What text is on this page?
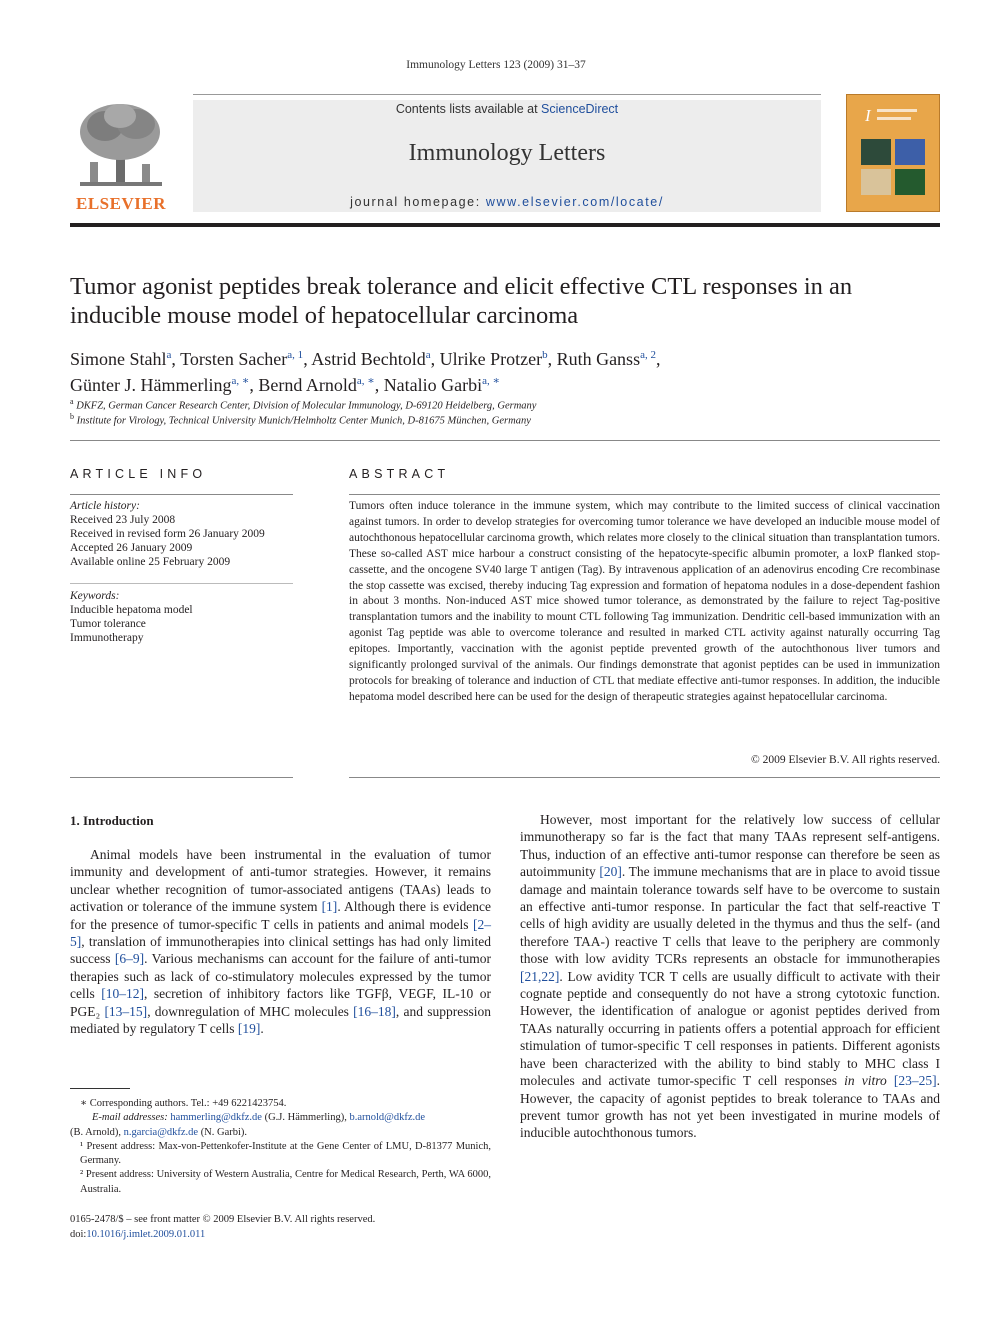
Immunology Letters 123 (2009) 31–37
ELSEVIER
Contents lists available at ScienceDirect
Immunology Letters
journal homepage: www.elsevier.com/locate/
I
Tumor agonist peptides break tolerance and elicit effective CTL responses in an inducible mouse model of hepatocellular carcinoma
Simone Stahl$^a$, Torsten Sacher$^{a, 1}$, Astrid Bechtold$^a$, Ulrike Protzer$^b$, Ruth Ganss$^{a, 2}$,
Günter J. Hämmerling$^{a, ∗}$, Bernd Arnold$^{a, ∗}$, Natalio Garbi$^{a, ∗}$
$^a$ DKFZ, German Cancer Research Center, Division of Molecular Immunology, D-69120 Heidelberg, Germany
$^b$ Institute for Virology, Technical University Munich/Helmholtz Center Munich, D-81675 München, Germany
ARTICLE INFO
Article history:
Received 23 July 2008
Received in revised form 26 January 2009
Accepted 26 January 2009
Available online 25 February 2009
Keywords:
Inducible hepatoma model
Tumor tolerance
Immunotherapy
ABSTRACT
Tumors often induce tolerance in the immune system, which may contribute to the limited success of clinical vaccination against tumors. In order to develop strategies for overcoming tumor tolerance we have developed an inducible mouse model of autochthonous hepatocellular carcinoma growth, which relates more closely to the clinical situation than transplantation tumors. These so-called AST mice harbour a construct consisting of the hepatocyte-specific albumin promoter, a loxP flanked stop-cassette, and the oncogene SV40 large T antigen (Tag). By intravenous application of an adenovirus encoding Cre recombinase the stop cassette was excised, thereby inducing Tag expression and formation of hepatoma nodules in a dose-dependent fashion in about 3 months. Non-induced AST mice showed tumor tolerance, as demonstrated by the failure to reject Tag-positive transplantation tumors and the inability to mount CTL following Tag immunization. Dendritic cell-based immunization with an agonist Tag peptide was able to overcome tolerance and resulted in marked CTL activity against naturally occurring Tag epitopes. Importantly, vaccination with the agonist peptide prevented growth of the autochthonous liver tumors and significantly prolonged survival of the animals. Our findings demonstrate that agonist peptides can be used in immunization protocols for breaking of tolerance and induction of CTL that mediate effective anti-tumor responses. In addition, the inducible hepatoma model described here can be used for the design of therapeutic strategies against hepatocellular carcinoma.
© 2009 Elsevier B.V. All rights reserved.
1. Introduction
Animal models have been instrumental in the evaluation of tumor immunity and development of anti-tumor strategies. However, it remains unclear whether recognition of tumor-associated antigens (TAAs) leads to activation or tolerance of the immune system [1]. Although there is evidence for the presence of tumor-specific T cells in patients and animal models [2–5], translation of immunotherapies into clinical settings has had only limited success [6–9]. Various mechanisms can account for the failure of anti-tumor therapies such as lack of co-stimulatory molecules expressed by the tumor cells [10–12], secretion of inhibitory factors like TGFβ, VEGF, IL-10 or PGE₂ [13–15], downregulation of MHC molecules [16–18], and suppression mediated by regulatory T cells [19].
However, most important for the relatively low success of cellular immunotherapy so far is the fact that many TAAs represent self-antigens. Thus, induction of an effective anti-tumor response can therefore be seen as autoimmunity [20]. The immune mechanisms that are in place to avoid tissue damage and maintain tolerance towards self have to be overcome to sustain an effective anti-tumor response. In particular the fact that self-reactive T cells of high avidity are usually deleted in the thymus and thus the self- (and therefore TAA-) reactive T cells that leave to the periphery are commonly those with low avidity TCRs represents an obstacle for immunotherapies [21,22]. Low avidity TCR T cells are usually difficult to activate with their cognate peptide and consequently do not have a strong cytotoxic function. However, the identification of analogue or agonist peptides derived from TAAs naturally occurring in patients offers a potential approach for efficient stimulation of tumor-specific T cell responses in patients. Different agonists have been characterized with the ability to bind stably to MHC class I molecules and activate tumor-specific T cell responses in vitro [23–25]. However, the capacity of agonist peptides to break tolerance to TAAs and prevent tumor growth has not yet been investigated in murine models of inducible autochthonous tumors.
∗ Corresponding authors. Tel.: +49 6221423754.
E-mail addresses: hammerling@dkfz.de (G.J. Hämmerling), b.arnold@dkfz.de
(B. Arnold), n.garcia@dkfz.de (N. Garbi).
¹ Present address: Max-von-Pettenkofer-Institute at the Gene Center of LMU, D-81377 Munich, Germany.
² Present address: University of Western Australia, Centre for Medical Research, Perth, WA 6000, Australia.
0165-2478/$ – see front matter © 2009 Elsevier B.V. All rights reserved.
doi:10.1016/j.imlet.2009.01.011
